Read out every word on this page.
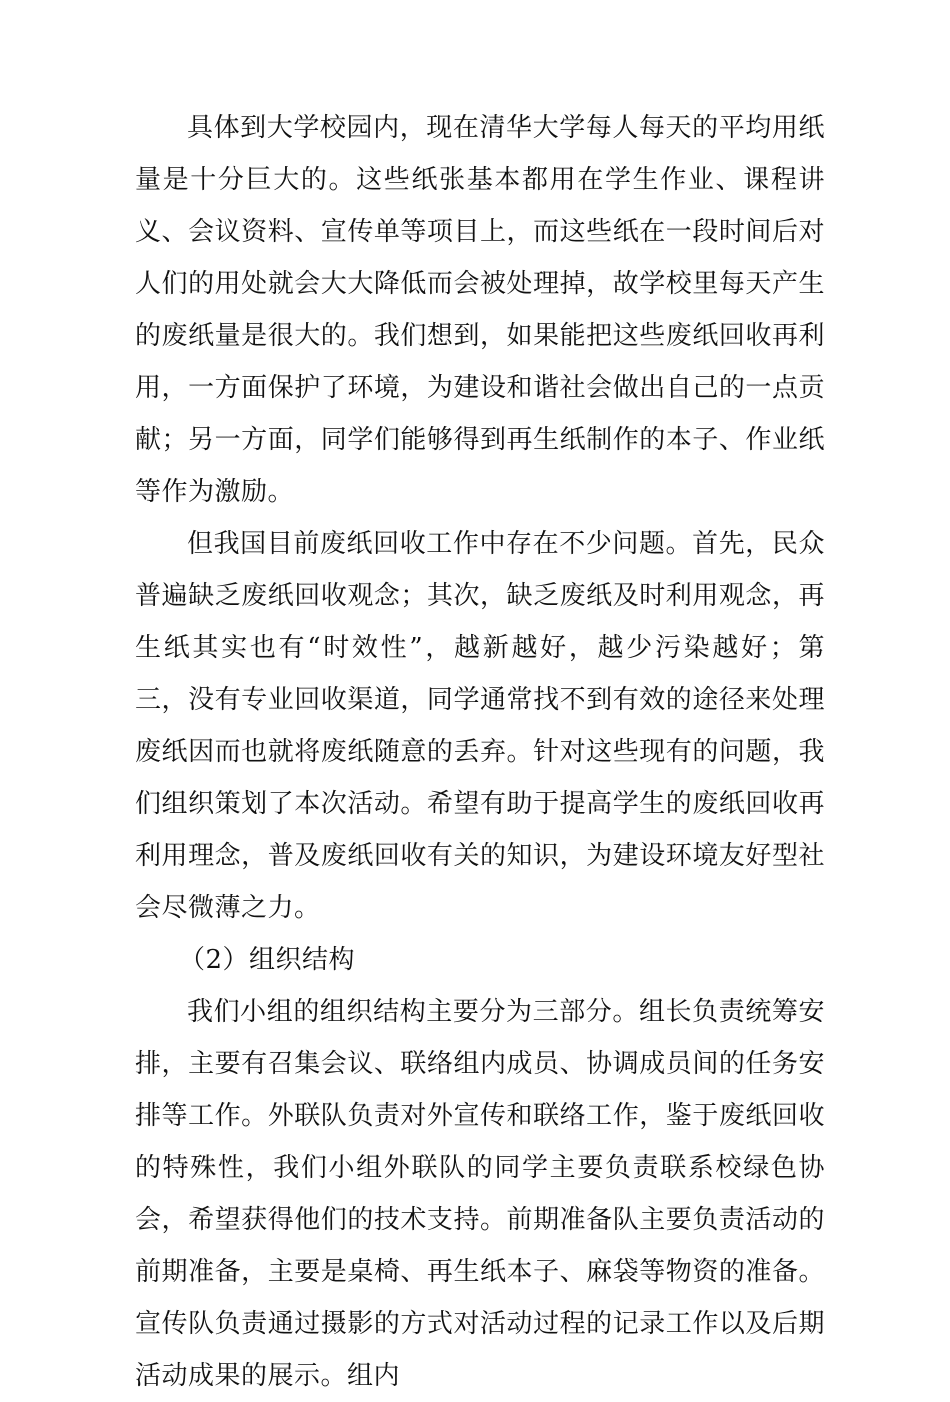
具体到大学校园内，现在清华大学每人每天的平均用纸量是十分巨大的。这些纸张基本都用在学生作业、课程讲义、会议资料、宣传单等项目上，而这些纸在一段时间后对人们的用处就会大大降低而会被处理掉，故学校里每天产生的废纸量是很大的。我们想到，如果能把这些废纸回收再利用，一方面保护了环境，为建设和谐社会做出自己的一点贡献；另一方面，同学们能够得到再生纸制作的本子、作业纸等作为激励。

但我国目前废纸回收工作中存在不少问题。首先，民众普遍缺乏废纸回收观念；其次，缺乏废纸及时利用观念，再生纸其实也有“时效性”，越新越好，越少污染越好；第三，没有专业回收渠道，同学通常找不到有效的途径来处理废纸因而也就将废纸随意的丢弃。针对这些现有的问题，我们组织策划了本次活动。希望有助于提高学生的废纸回收再利用理念，普及废纸回收有关的知识，为建设环境友好型社会尽微薄之力。

（2）组织结构

我们小组的组织结构主要分为三部分。组长负责统筹安排，主要有召集会议、联络组内成员、协调成员间的任务安排等工作。外联队负责对外宣传和联络工作，鉴于废纸回收的特殊性，我们小组外联队的同学主要负责联系校绿色协会，希望获得他们的技术支持。前期准备队主要负责活动的前期准备，主要是桌椅、再生纸本子、麻袋等物资的准备。宣传队负责通过摄影的方式对活动过程的记录工作以及后期活动成果的展示。组内
